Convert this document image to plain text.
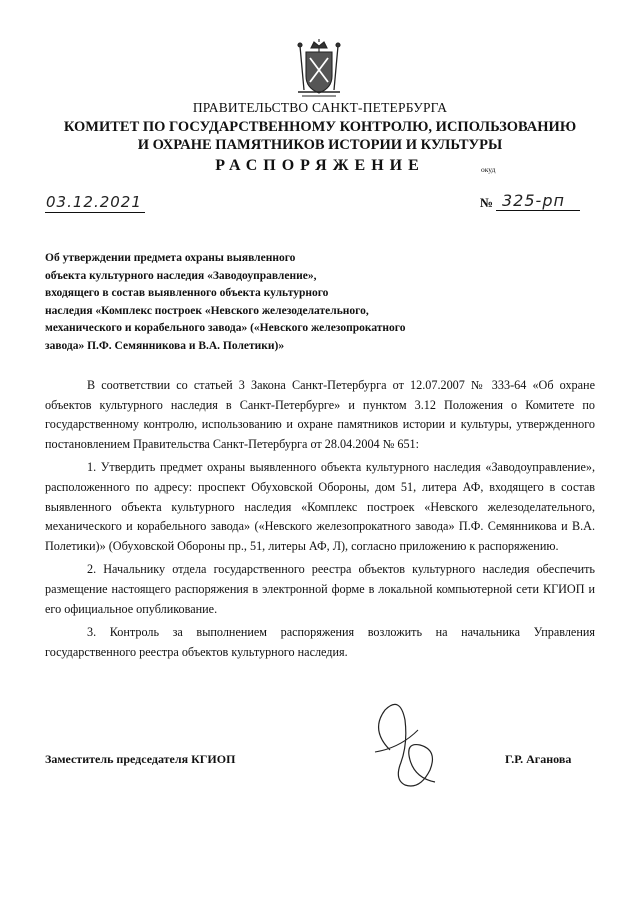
ПРАВИТЕЛЬСТВО САНКТ-ПЕТЕРБУРГА
КОМИТЕТ ПО ГОСУДАРСТВЕННОМУ КОНТРОЛЮ, ИСПОЛЬЗОВАНИЮ
И ОХРАНЕ ПАМЯТНИКОВ ИСТОРИИ И КУЛЬТУРЫ
РАСПОРЯЖЕНИЕ	окуд
03.12.2021	№ 325-рп
Об утверждении предмета охраны выявленного
объекта культурного наследия «Заводоуправление»,
входящего в состав выявленного объекта культурного
наследия «Комплекс построек «Невского железоделательного,
механического и корабельного завода» («Невского железопрокатного
завода» П.Ф. Семянникова и В.А. Полетики)»

В соответствии со статьей 3 Закона Санкт-Петербурга от 12.07.2007 № 333-64 «Об охране объектов культурного наследия в Санкт-Петербурге» и пунктом 3.12 Положения о Комитете по государственному контролю, использованию и охране памятников истории и культуры, утвержденного постановлением Правительства Санкт-Петербурга от 28.04.2004 № 651:

1. Утвердить предмет охраны выявленного объекта культурного наследия «Заводоуправление», расположенного по адресу: проспект Обуховской Обороны, дом 51, литера АФ, входящего в состав выявленного объекта культурного наследия «Комплекс построек «Невского железоделательного, механического и корабельного завода» («Невского железопрокатного завода» П.Ф. Семянникова и В.А. Полетики)» (Обуховской Обороны пр., 51, литеры АФ, Л), согласно приложению к распоряжению.

2. Начальнику отдела государственного реестра объектов культурного наследия обеспечить размещение настоящего распоряжения в электронной форме в локальной компьютерной сети КГИОП и его официальное опубликование.

3. Контроль за выполнением распоряжения возложить на начальника Управления государственного реестра объектов культурного наследия.

Заместитель председателя КГИОП	Г.Р. Аганова
